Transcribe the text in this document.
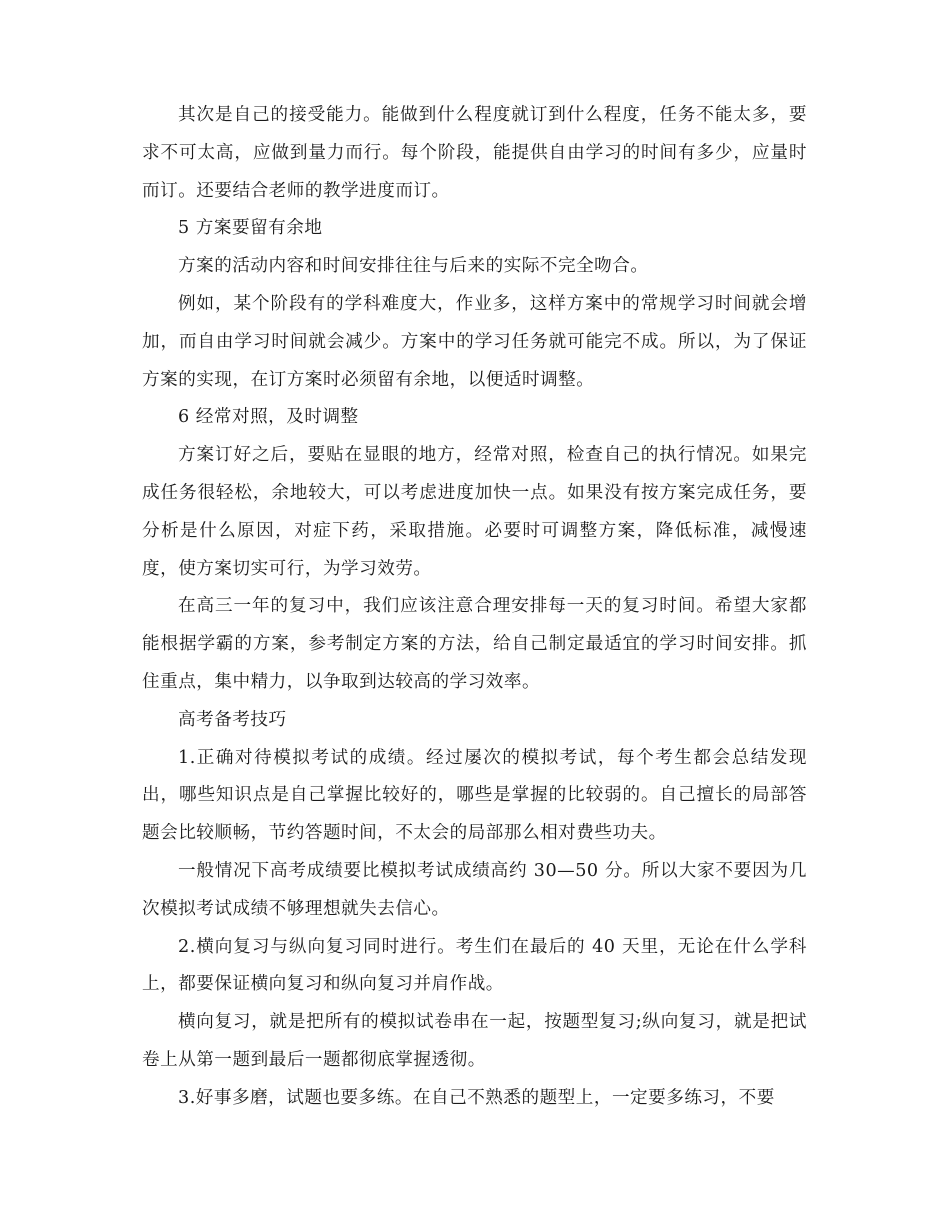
其次是自己的接受能力。能做到什么程度就订到什么程度，任务不能太多，要求不可太高，应做到量力而行。每个阶段，能提供自由学习的时间有多少，应量时而订。还要结合老师的教学进度而订。

5 方案要留有余地

方案的活动内容和时间安排往往与后来的实际不完全吻合。

例如，某个阶段有的学科难度大，作业多，这样方案中的常规学习时间就会增加，而自由学习时间就会减少。方案中的学习任务就可能完不成。所以，为了保证方案的实现，在订方案时必须留有余地，以便适时调整。

6 经常对照，及时调整

方案订好之后，要贴在显眼的地方，经常对照，检查自己的执行情况。如果完成任务很轻松，余地较大，可以考虑进度加快一点。如果没有按方案完成任务，要分析是什么原因，对症下药，采取措施。必要时可调整方案，降低标准，减慢速度，使方案切实可行，为学习效劳。

在高三一年的复习中，我们应该注意合理安排每一天的复习时间。希望大家都能根据学霸的方案，参考制定方案的方法，给自己制定最适宜的学习时间安排。抓住重点，集中精力，以争取到达较高的学习效率。

高考备考技巧

1.正确对待模拟考试的成绩。经过屡次的模拟考试，每个考生都会总结发现出，哪些知识点是自己掌握比较好的，哪些是掌握的比较弱的。自己擅长的局部答题会比较顺畅，节约答题时间，不太会的局部那么相对费些功夫。

一般情况下高考成绩要比模拟考试成绩高约 30—50 分。所以大家不要因为几次模拟考试成绩不够理想就失去信心。

2.横向复习与纵向复习同时进行。考生们在最后的 40 天里，无论在什么学科上，都要保证横向复习和纵向复习并肩作战。

横向复习，就是把所有的模拟试卷串在一起，按题型复习;纵向复习，就是把试卷上从第一题到最后一题都彻底掌握透彻。

3.好事多磨，试题也要多练。在自己不熟悉的题型上，一定要多练习，不要
